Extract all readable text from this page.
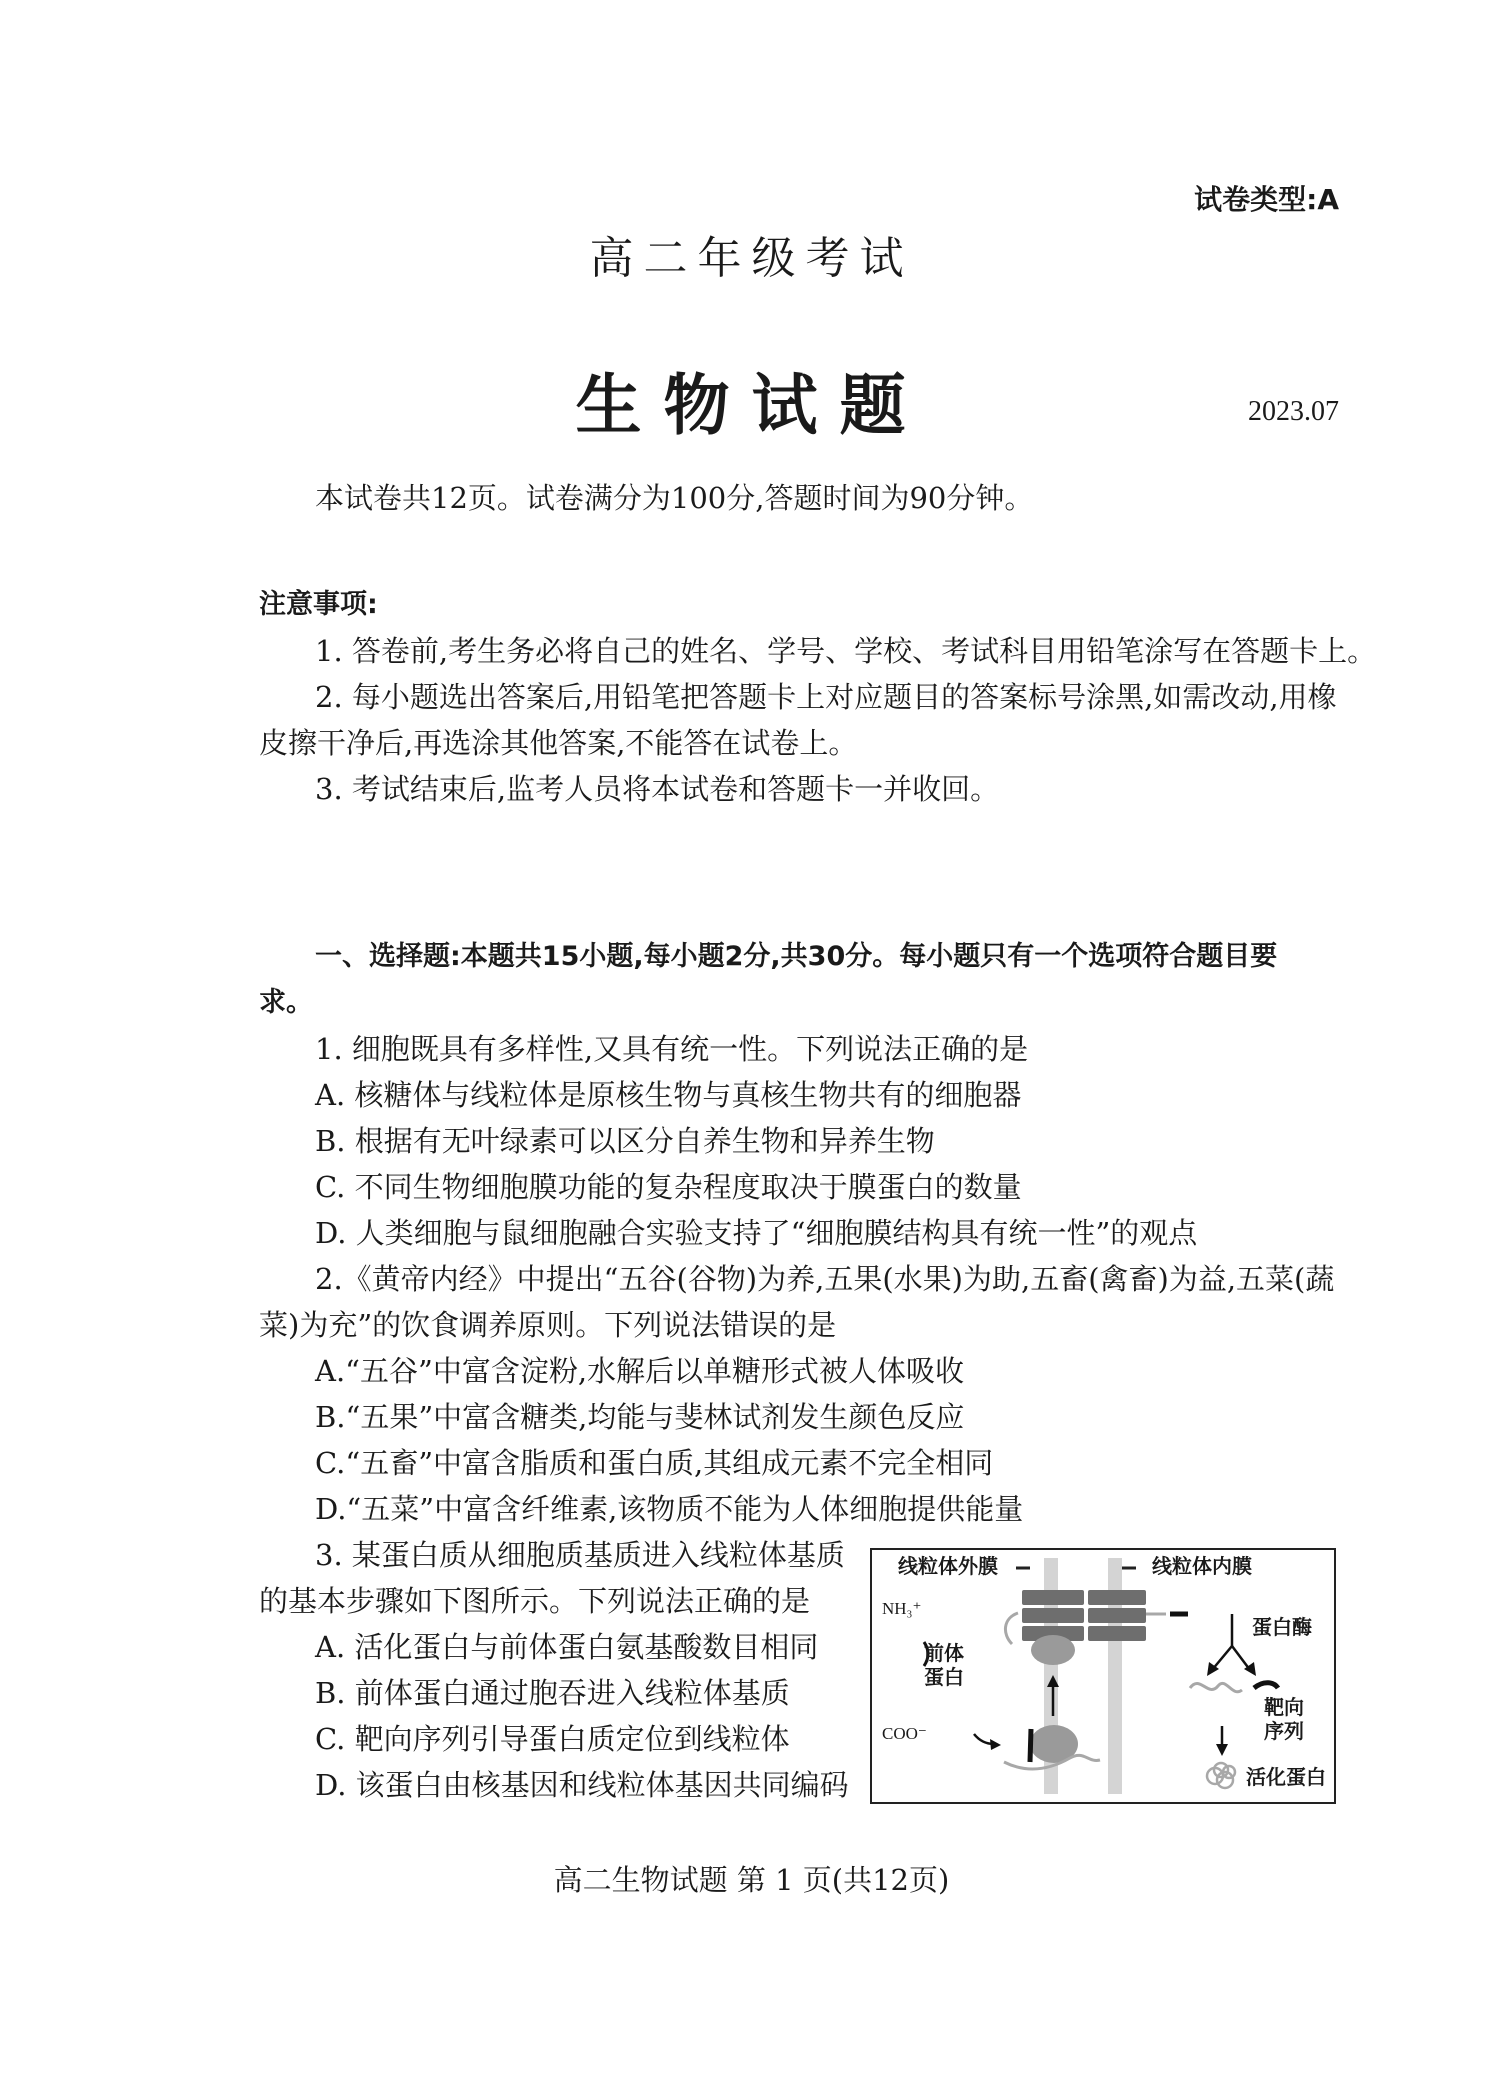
试卷类型:A
高二年级考试
生物试题	2023.07
本试卷共12页。试卷满分为100分,答题时间为90分钟。
注意事项:
1. 答卷前,考生务必将自己的姓名、学号、学校、考试科目用铅笔涂写在答题卡上。
2. 每小题选出答案后,用铅笔把答题卡上对应题目的答案标号涂黑,如需改动,用橡
皮擦干净后,再选涂其他答案,不能答在试卷上。
3. 考试结束后,监考人员将本试卷和答题卡一并收回。
一、选择题:本题共15小题,每小题2分,共30分。每小题只有一个选项符合题目要
求。
1. 细胞既具有多样性,又具有统一性。下列说法正确的是
A. 核糖体与线粒体是原核生物与真核生物共有的细胞器
B. 根据有无叶绿素可以区分自养生物和异养生物
C. 不同生物细胞膜功能的复杂程度取决于膜蛋白的数量
D. 人类细胞与鼠细胞融合实验支持了“细胞膜结构具有统一性”的观点
2.《黄帝内经》中提出“五谷(谷物)为养,五果(水果)为助,五畜(禽畜)为益,五菜(蔬
菜)为充”的饮食调养原则。下列说法错误的是
A.“五谷”中富含淀粉,水解后以单糖形式被人体吸收
B.“五果”中富含糖类,均能与斐林试剂发生颜色反应
C.“五畜”中富含脂质和蛋白质,其组成元素不完全相同
D.“五菜”中富含纤维素,该物质不能为人体细胞提供能量
3. 某蛋白质从细胞质基质进入线粒体基质
的基本步骤如下图所示。下列说法正确的是
A. 活化蛋白与前体蛋白氨基酸数目相同
B. 前体蛋白通过胞吞进入线粒体基质
C. 靶向序列引导蛋白质定位到线粒体
D. 该蛋白由核基因和线粒体基因共同编码
线粒体外膜	线粒体内膜
NH₃⁺
蛋白酶
前体
蛋白
靶向
序列
COO⁻
活化蛋白
高二生物试题 第 1 页(共12页)
